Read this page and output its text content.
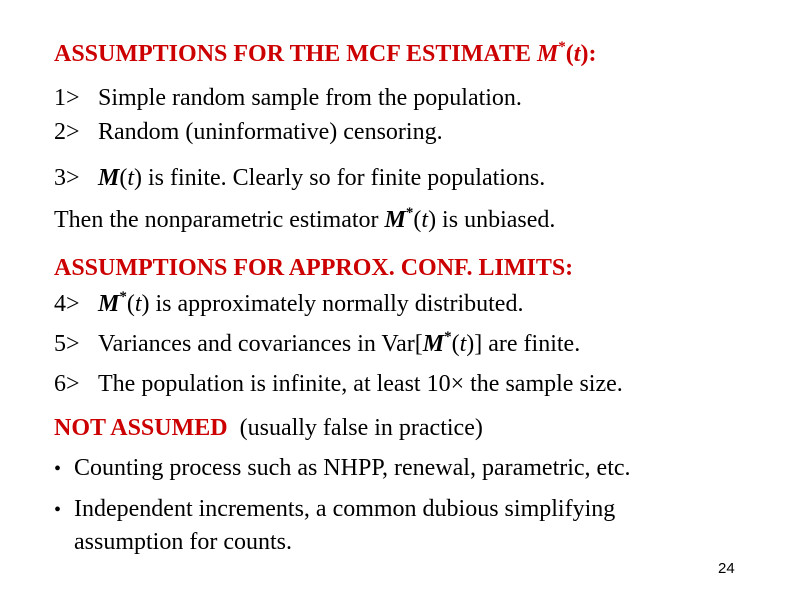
ASSUMPTIONS FOR THE MCF ESTIMATE M*(t):
1> Simple random sample from the population.
2> Random (uninformative) censoring.
3> M(t) is finite. Clearly so for finite populations.
Then the nonparametric estimator M*(t) is unbiased.
ASSUMPTIONS FOR APPROX. CONF. LIMITS:
4> M*(t) is approximately normally distributed.
5> Variances and covariances in Var[M*(t)] are finite.
6> The population is infinite, at least 10× the sample size.
NOT ASSUMED  (usually false in practice)
• Counting process such as NHPP, renewal, parametric, etc.
• Independent increments, a common dubious simplifying
assumption for counts.
24
